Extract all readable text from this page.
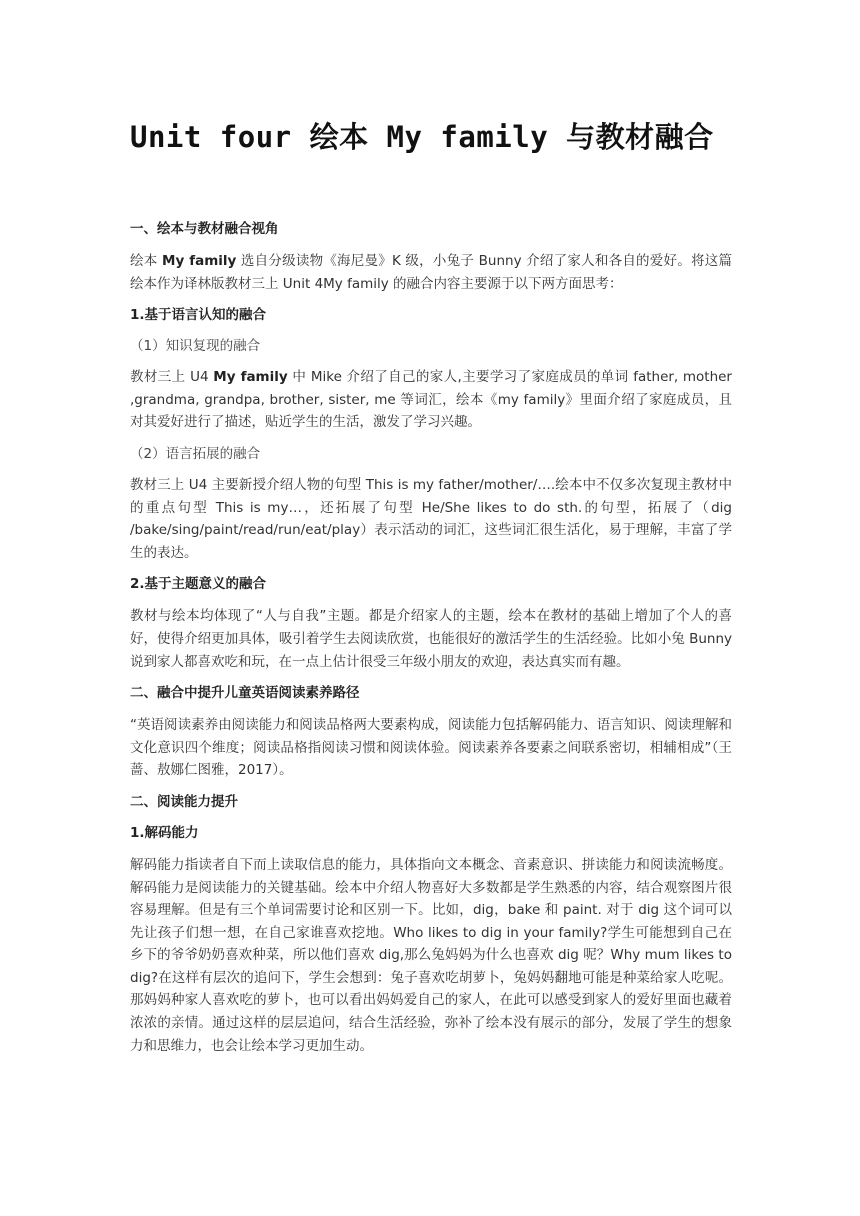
Unit four 绘本 My family 与教材融合
一、绘本与教材融合视角

绘本 My family 选自分级读物《海尼曼》K 级，小兔子 Bunny 介绍了家人和各自的爱好。将这篇绘本作为译林版教材三上 Unit 4My family 的融合内容主要源于以下两方面思考：

1.基于语言认知的融合
（1）知识复现的融合

教材三上 U4 My family 中 Mike 介绍了自己的家人,主要学习了家庭成员的单词 father, mother ,grandma, grandpa, brother, sister, me 等词汇，绘本《my family》里面介绍了家庭成员，且对其爱好进行了描述，贴近学生的生活，激发了学习兴趣。

（2）语言拓展的融合

教材三上 U4 主要新授介绍人物的句型 This is my father/mother/….绘本中不仅多次复现主教材中的重点句型 This is my…，还拓展了句型 He/She likes to do sth.的句型，拓展了（dig /bake/sing/paint/read/run/eat/play）表示活动的词汇，这些词汇很生活化，易于理解，丰富了学生的表达。

2.基于主题意义的融合

教材与绘本均体现了“人与自我”主题。都是介绍家人的主题，绘本在教材的基础上增加了个人的喜好，使得介绍更加具体，吸引着学生去阅读欣赏，也能很好的激活学生的生活经验。比如小兔 Bunny 说到家人都喜欢吃和玩，在一点上估计很受三年级小朋友的欢迎，表达真实而有趣。

二、融合中提升儿童英语阅读素养路径

“英语阅读素养由阅读能力和阅读品格两大要素构成，阅读能力包括解码能力、语言知识、阅读理解和文化意识四个维度；阅读品格指阅读习惯和阅读体验。阅读素养各要素之间联系密切，相辅相成”（王蔷、敖娜仁图雅，2017）。

二、阅读能力提升
1.解码能力

解码能力指读者自下而上读取信息的能力，具体指向文本概念、音素意识、拼读能力和阅读流畅度。解码能力是阅读能力的关键基础。绘本中介绍人物喜好大多数都是学生熟悉的内容，结合观察图片很容易理解。但是有三个单词需要讨论和区别一下。比如，dig，bake 和 paint. 对于 dig 这个词可以先让孩子们想一想，在自己家谁喜欢挖地。Who likes to dig in your family?学生可能想到自己在乡下的爷爷奶奶喜欢种菜，所以他们喜欢 dig,那么兔妈妈为什么也喜欢 dig 呢？Why mum likes to dig?在这样有层次的追问下，学生会想到：兔子喜欢吃胡萝卜，兔妈妈翻地可能是种菜给家人吃呢。那妈妈种家人喜欢吃的萝卜，也可以看出妈妈爱自己的家人，在此可以感受到家人的爱好里面也藏着浓浓的亲情。通过这样的层层追问，结合生活经验，弥补了绘本没有展示的部分，发展了学生的想象力和思维力，也会让绘本学习更加生动。
